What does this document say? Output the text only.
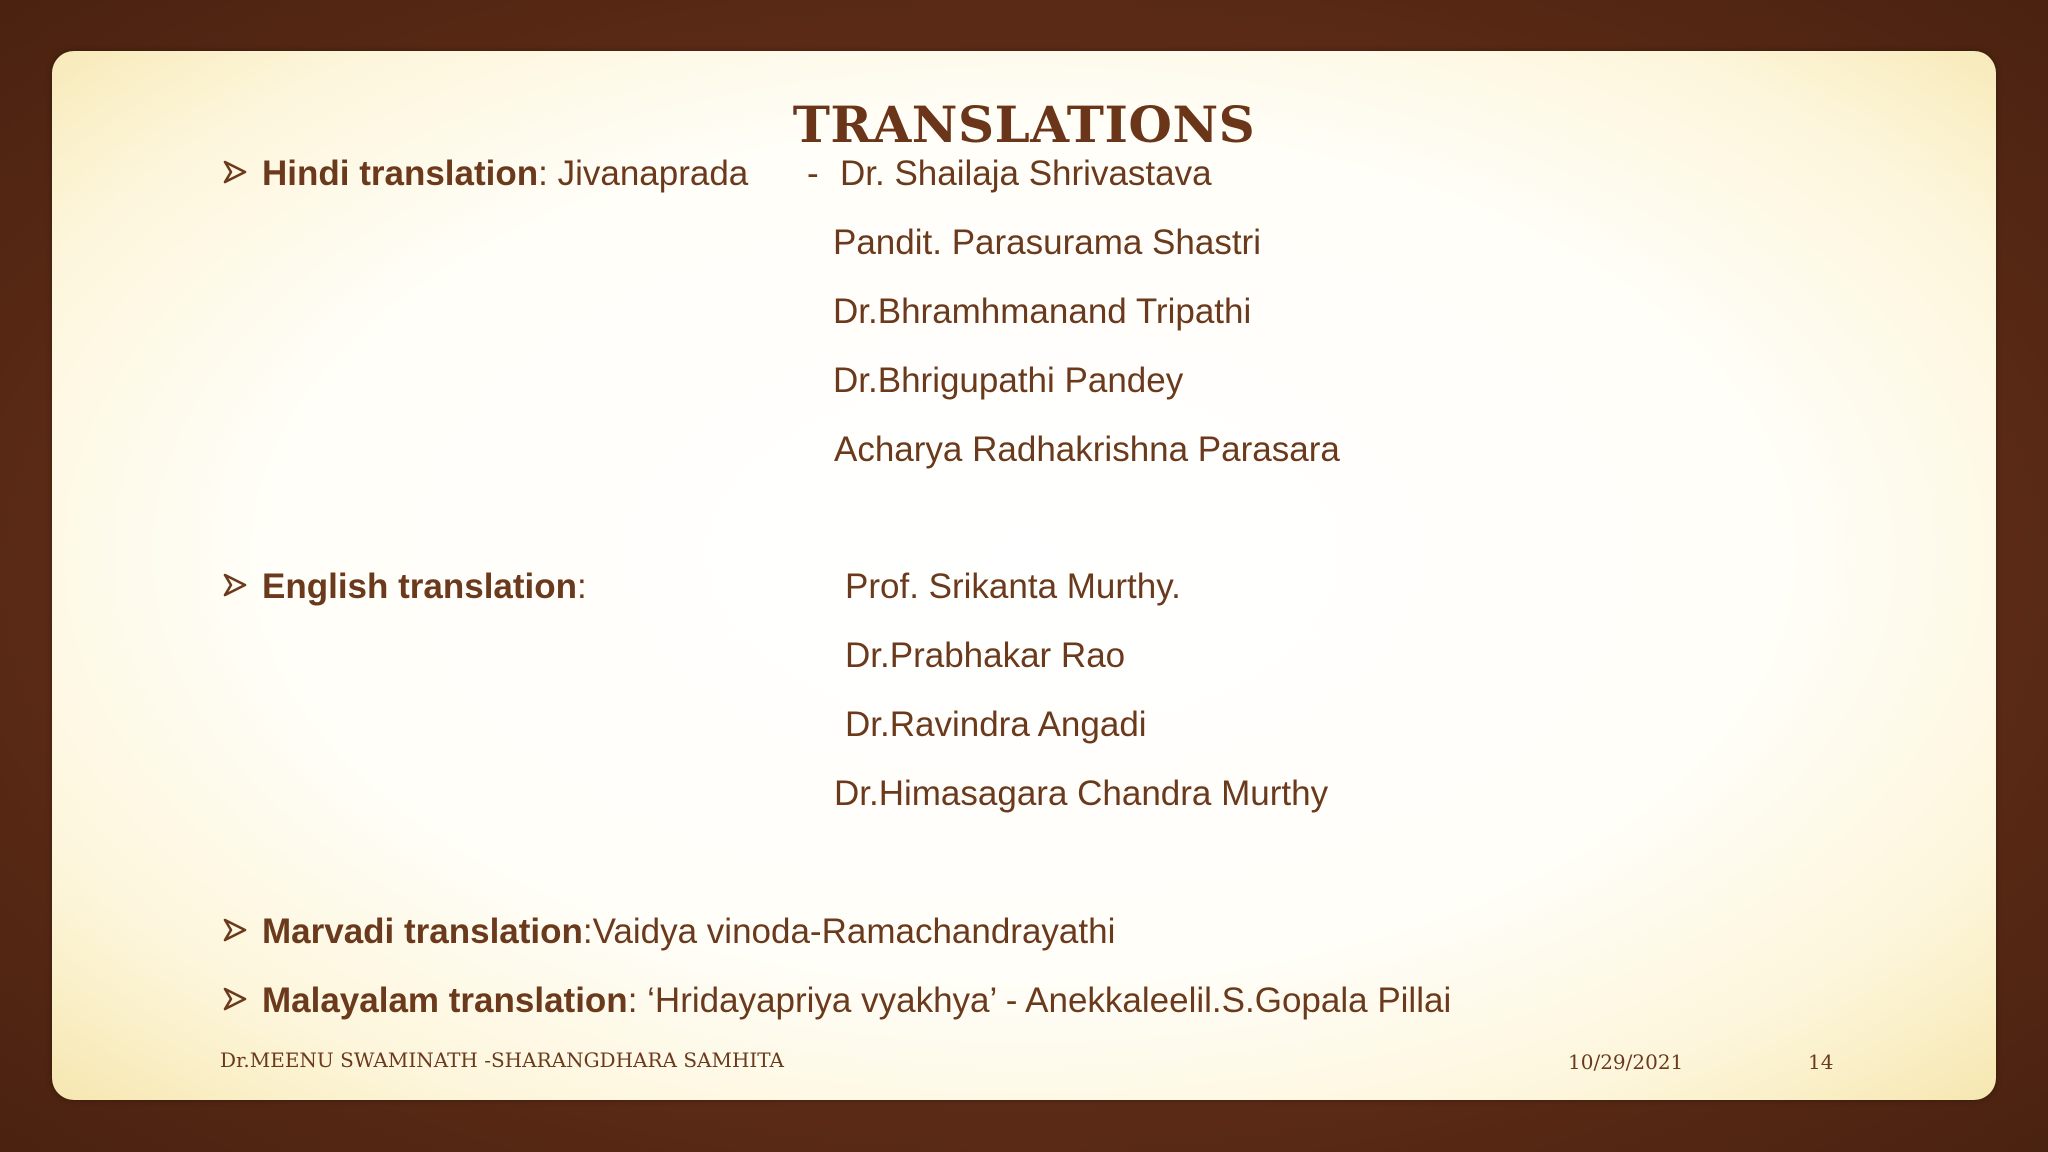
TRANSLATIONS
Hindi translation: Jivanaprada - Dr. Shailaja Shrivastava
Pandit. Parasurama Shastri
Dr.Bhramhmanand Tripathi
Dr.Bhrigupathi Pandey
Acharya Radhakrishna Parasara
English translation:	Prof. Srikanta Murthy.
Dr.Prabhakar Rao
Dr.Ravindra Angadi
Dr.Himasagara Chandra Murthy
Marvadi translation:Vaidya vinoda-Ramachandrayathi
Malayalam translation: ‘Hridayapriya vyakhya’ - Anekkaleelil.S.Gopala Pillai
Dr.MEENU SWAMINATH -SHARANGDHARA SAMHITA	10/29/2021	14
